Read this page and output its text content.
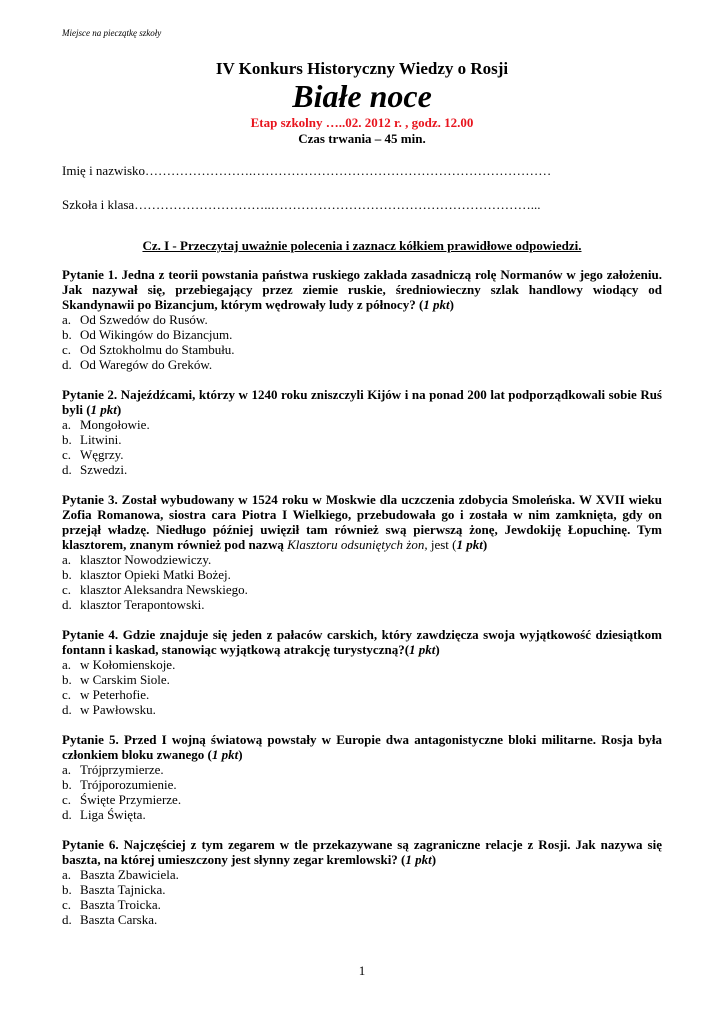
Miejsce na pieczątkę szkoły
IV Konkurs Historyczny Wiedzy o Rosji
Białe noce
Etap szkolny …..02. 2012 r. , godz. 12.00
Czas trwania – 45 min.
Imię i nazwisko…………………….……………………………………………………………
Szkoła i klasa…………………………..……………………………………………………...
Cz. I - Przeczytaj uważnie polecenia i zaznacz kółkiem prawidłowe odpowiedzi.
Pytanie 1. Jedna z teorii powstania państwa ruskiego zakłada zasadniczą rolę Normanów w jego założeniu. Jak nazywał się, przebiegający przez ziemie ruskie, średniowieczny szlak handlowy wiodący od Skandynawii po Bizancjum, którym wędrowały ludy z północy? (1 pkt)
a. Od Szwedów do Rusów.
b. Od Wikingów do Bizancjum.
c. Od Sztokholmu do Stambułu.
d. Od Waregów do Greków.
Pytanie 2. Najeźdźcami, którzy w 1240 roku zniszczyli Kijów i na ponad 200 lat podporządkowali sobie Ruś byli (1 pkt)
a. Mongołowie.
b. Litwini.
c. Węgrzy.
d. Szwedzi.
Pytanie 3. Został wybudowany w 1524 roku w Moskwie dla uczczenia zdobycia Smoleńska. W XVII wieku Zofia Romanowa, siostra cara Piotra I Wielkiego, przebudowała go i została w nim zamknięta, gdy on przejął władzę. Niedługo później uwięził tam również swą pierwszą żonę, Jewdokiję Łopuchinę. Tym klasztorem, znanym również pod nazwą Klasztoru odsuniętych żon, jest (1 pkt)
a. klasztor Nowodziewiczy.
b. klasztor Opieki Matki Bożej.
c. klasztor Aleksandra Newskiego.
d. klasztor Terapontowski.
Pytanie 4. Gdzie znajduje się jeden z pałaców carskich, który zawdzięcza swoja wyjątkowość dziesiątkom fontann i kaskad, stanowiąc wyjątkową atrakcję turystyczną?(1 pkt)
a. w Kołomienskoje.
b. w Carskim Siole.
c. w Peterhofie.
d. w Pawłowsku.
Pytanie 5. Przed I wojną światową powstały w Europie dwa antagonistyczne bloki militarne. Rosja była członkiem bloku zwanego (1 pkt)
a. Trójprzymierze.
b. Trójporozumienie.
c. Święte Przymierze.
d. Liga Święta.
Pytanie 6. Najczęściej z tym zegarem w tle przekazywane są zagraniczne relacje z Rosji. Jak nazywa się baszta, na której umieszczony jest słynny zegar kremlowski? (1 pkt)
a. Baszta Zbawiciela.
b. Baszta Tajnicka.
c. Baszta Troicka.
d. Baszta Carska.
1
